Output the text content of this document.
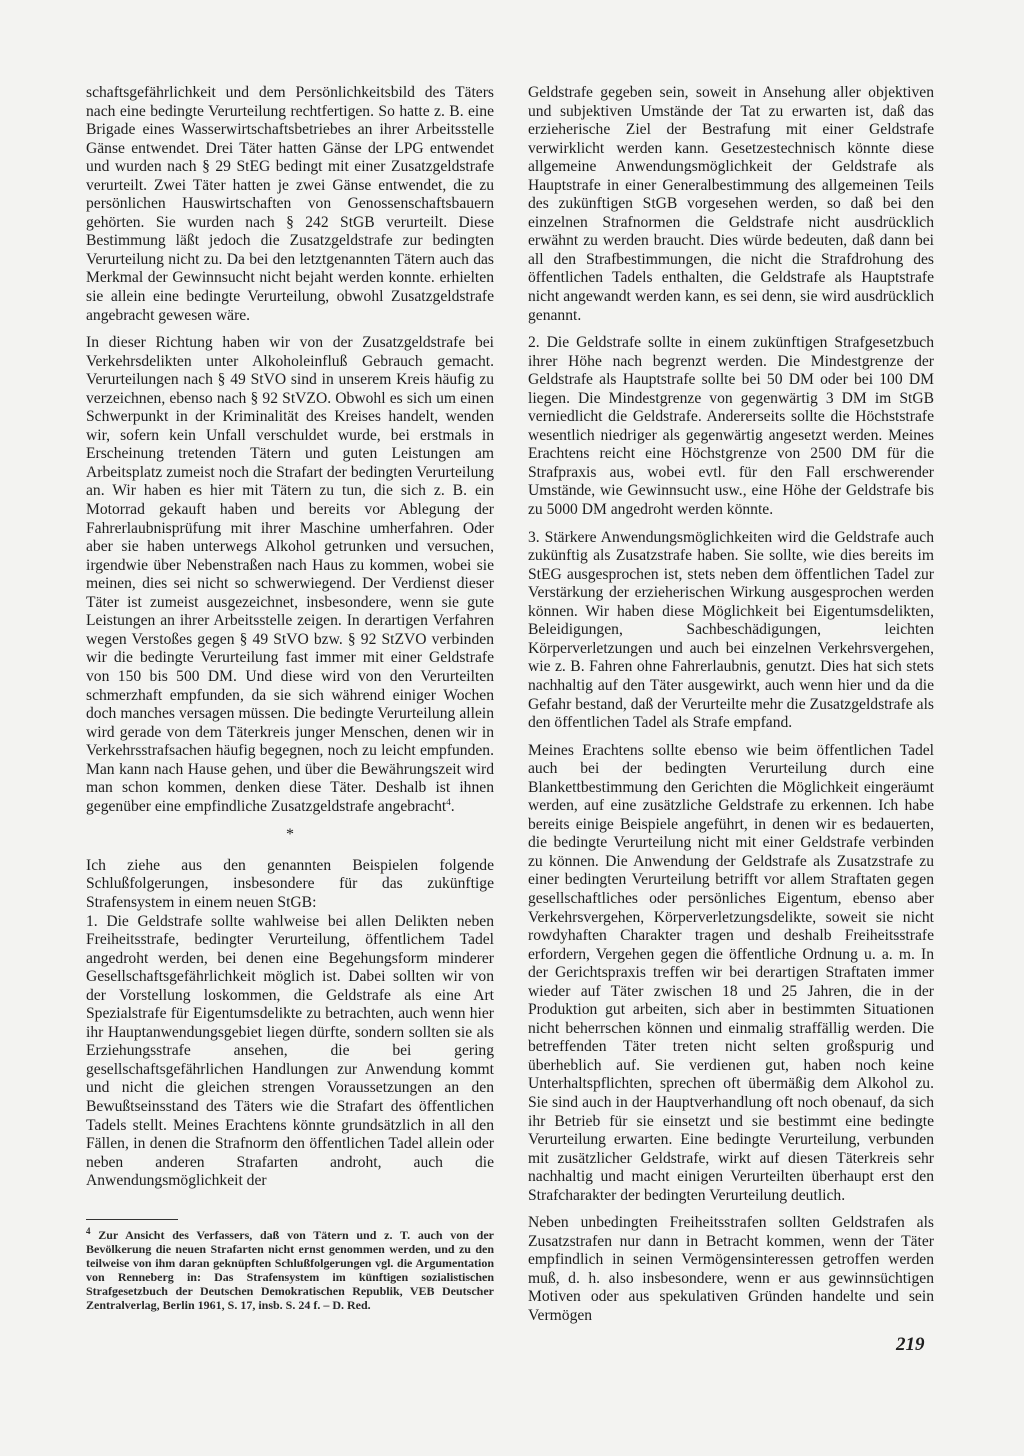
schaftsgefährlichkeit und dem Persönlichkeitsbild des Täters nach eine bedingte Verurteilung rechtfertigen. So hatte z. B. eine Brigade eines Wasserwirtschaftsbetriebes an ihrer Arbeitsstelle Gänse entwendet. Drei Täter hatten Gänse der LPG entwendet und wurden nach § 29 StEG bedingt mit einer Zusatzgeldstrafe verurteilt. Zwei Täter hatten je zwei Gänse entwendet, die zu persönlichen Hauswirtschaften von Genossenschaftsbauern gehörten. Sie wurden nach § 242 StGB verurteilt. Diese Bestimmung läßt jedoch die Zusatzgeldstrafe zur bedingten Verurteilung nicht zu. Da bei den letztgenannten Tätern auch das Merkmal der Gewinnsucht nicht bejaht werden konnte. erhielten sie allein eine bedingte Verurteilung, obwohl Zusatzgeldstrafe angebracht gewesen wäre.

In dieser Richtung haben wir von der Zusatzgeldstrafe bei Verkehrsdelikten unter Alkoholeinfluß Gebrauch gemacht. Verurteilungen nach § 49 StVO sind in unserem Kreis häufig zu verzeichnen, ebenso nach § 92 StVZO. Obwohl es sich um einen Schwerpunkt in der Kriminalität des Kreises handelt, wenden wir, sofern kein Unfall verschuldet wurde, bei erstmals in Erscheinung tretenden Tätern und guten Leistungen am Arbeitsplatz zumeist noch die Strafart der bedingten Verurteilung an. Wir haben es hier mit Tätern zu tun, die sich z. B. ein Motorrad gekauft haben und bereits vor Ablegung der Fahrerlaubnisprüfung mit ihrer Maschine umherfahren. Oder aber sie haben unterwegs Alkohol getrunken und versuchen, irgendwie über Nebenstraßen nach Haus zu kommen, wobei sie meinen, dies sei nicht so schwerwiegend. Der Verdienst dieser Täter ist zumeist ausgezeichnet, insbesondere, wenn sie gute Leistungen an ihrer Arbeitsstelle zeigen. In derartigen Verfahren wegen Verstoßes gegen § 49 StVO bzw. § 92 StZVO verbinden wir die bedingte Verurteilung fast immer mit einer Geldstrafe von 150 bis 500 DM. Und diese wird von den Verurteilten schmerzhaft empfunden, da sie sich während einiger Wochen doch manches versagen müssen. Die bedingte Verurteilung allein wird gerade von dem Täterkreis junger Menschen, denen wir in Verkehrsstrafsachen häufig begegnen, noch zu leicht empfunden. Man kann nach Hause gehen, und über die Bewährungszeit wird man schon kommen, denken diese Täter. Deshalb ist ihnen gegenüber eine empfindliche Zusatzgeldstrafe angebracht$^4$.

*

Ich ziehe aus den genannten Beispielen folgende Schlußfolgerungen, insbesondere für das zukünftige Strafensystem in einem neuen StGB:

1. Die Geldstrafe sollte wahlweise bei allen Delikten neben Freiheitsstrafe, bedingter Verurteilung, öffentlichem Tadel angedroht werden, bei denen eine Begehungsform minderer Gesellschaftsgefährlichkeit möglich ist. Dabei sollten wir von der Vorstellung loskommen, die Geldstrafe als eine Art Spezialstrafe für Eigentumsdelikte zu betrachten, auch wenn hier ihr Hauptanwendungsgebiet liegen dürfte, sondern sollten sie als Erziehungsstrafe ansehen, die bei gering gesellschaftsgefährlichen Handlungen zur Anwendung kommt und nicht die gleichen strengen Voraussetzungen an den Bewußtseinsstand des Täters wie die Strafart des öffentlichen Tadels stellt. Meines Erachtens könnte grundsätzlich in all den Fällen, in denen die Strafnorm den öffentlichen Tadel allein oder neben anderen Strafarten androht, auch die Anwendungsmöglichkeit der

Geldstrafe gegeben sein, soweit in Ansehung aller objektiven und subjektiven Umstände der Tat zu erwarten ist, daß das erzieherische Ziel der Bestrafung mit einer Geldstrafe verwirklicht werden kann. Gesetzestechnisch könnte diese allgemeine Anwendungsmöglichkeit der Geldstrafe als Hauptstrafe in einer Generalbestimmung des allgemeinen Teils des zukünftigen StGB vorgesehen werden, so daß bei den einzelnen Strafnormen die Geldstrafe nicht ausdrücklich erwähnt zu werden braucht. Dies würde bedeuten, daß dann bei all den Strafbestimmungen, die nicht die Strafdrohung des öffentlichen Tadels enthalten, die Geldstrafe als Hauptstrafe nicht angewandt werden kann, es sei denn, sie wird ausdrücklich genannt.

2. Die Geldstrafe sollte in einem zukünftigen Strafgesetzbuch ihrer Höhe nach begrenzt werden. Die Mindestgrenze der Geldstrafe als Hauptstrafe sollte bei 50 DM oder bei 100 DM liegen. Die Mindestgrenze von gegenwärtig 3 DM im StGB verniedlicht die Geldstrafe. Andererseits sollte die Höchststrafe wesentlich niedriger als gegenwärtig angesetzt werden. Meines Erachtens reicht eine Höchstgrenze von 2500 DM für die Strafpraxis aus, wobei evtl. für den Fall erschwerender Umstände, wie Gewinnsucht usw., eine Höhe der Geldstrafe bis zu 5000 DM angedroht werden könnte.

3. Stärkere Anwendungsmöglichkeiten wird die Geldstrafe auch zukünftig als Zusatzstrafe haben. Sie sollte, wie dies bereits im StEG ausgesprochen ist, stets neben dem öffentlichen Tadel zur Verstärkung der erzieherischen Wirkung ausgesprochen werden können. Wir haben diese Möglichkeit bei Eigentumsdelikten, Beleidigungen, Sachbeschädigungen, leichten Körperverletzungen und auch bei einzelnen Verkehrsvergehen, wie z. B. Fahren ohne Fahrerlaubnis, genutzt. Dies hat sich stets nachhaltig auf den Täter ausgewirkt, auch wenn hier und da die Gefahr bestand, daß der Verurteilte mehr die Zusatzgeldstrafe als den öffentlichen Tadel als Strafe empfand.

Meines Erachtens sollte ebenso wie beim öffentlichen Tadel auch bei der bedingten Verurteilung durch eine Blankettbestimmung den Gerichten die Möglichkeit eingeräumt werden, auf eine zusätzliche Geldstrafe zu erkennen. Ich habe bereits einige Beispiele angeführt, in denen wir es bedauerten, die bedingte Verurteilung nicht mit einer Geldstrafe verbinden zu können. Die Anwendung der Geldstrafe als Zusatzstrafe zu einer bedingten Verurteilung betrifft vor allem Straftaten gegen gesellschaftliches oder persönliches Eigentum, ebenso aber Verkehrsvergehen, Körperverletzungsdelikte, soweit sie nicht rowdyhaften Charakter tragen und deshalb Freiheitsstrafe erfordern, Vergehen gegen die öffentliche Ordnung u. a. m. In der Gerichtspraxis treffen wir bei derartigen Straftaten immer wieder auf Täter zwischen 18 und 25 Jahren, die in der Produktion gut arbeiten, sich aber in bestimmten Situationen nicht beherrschen können und einmalig straffällig werden. Die betreffenden Täter treten nicht selten großspurig und überheblich auf. Sie verdienen gut, haben noch keine Unterhaltspflichten, sprechen oft übermäßig dem Alkohol zu. Sie sind auch in der Hauptverhandlung oft noch obenauf, da sich ihr Betrieb für sie einsetzt und sie bestimmt eine bedingte Verurteilung erwarten. Eine bedingte Verurteilung, verbunden mit zusätzlicher Geldstrafe, wirkt auf diesen Täterkreis sehr nachhaltig und macht einigen Verurteilten überhaupt erst den Strafcharakter der bedingten Verurteilung deutlich.

Neben unbedingten Freiheitsstrafen sollten Geldstrafen als Zusatzstrafen nur dann in Betracht kommen, wenn der Täter empfindlich in seinen Vermögensinteressen getroffen werden muß, d. h. also insbesondere, wenn er aus gewinnsüchtigen Motiven oder aus spekulativen Gründen handelte und sein Vermögen

$^4$ Zur Ansicht des Verfassers, daß von Tätern und z. T. auch von der Bevölkerung die neuen Strafarten nicht ernst genommen werden, und zu den teilweise von ihm daran geknüpften Schlußfolgerungen vgl. die Argumentation von Renneberg in: Das Strafensystem im künftigen sozialistischen Strafgesetzbuch der Deutschen Demokratischen Republik, VEB Deutscher Zentralverlag, Berlin 1961, S. 17, insb. S. 24 f. – D. Red.
219
